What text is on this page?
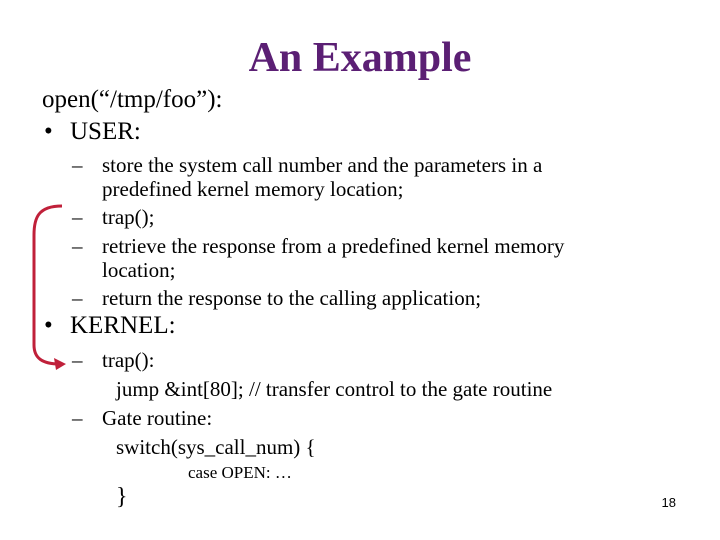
An Example
open(“/tmp/foo”):
• USER:
– store the system call number and the parameters in a
predefined kernel memory location;
– trap();
– retrieve the response from a predefined kernel memory
location;
– return the response to the calling application;
• KERNEL:
– trap():
jump &int[80]; // transfer control to the gate routine
– Gate routine:
switch(sys_call_num) {
case OPEN: …
}	18
